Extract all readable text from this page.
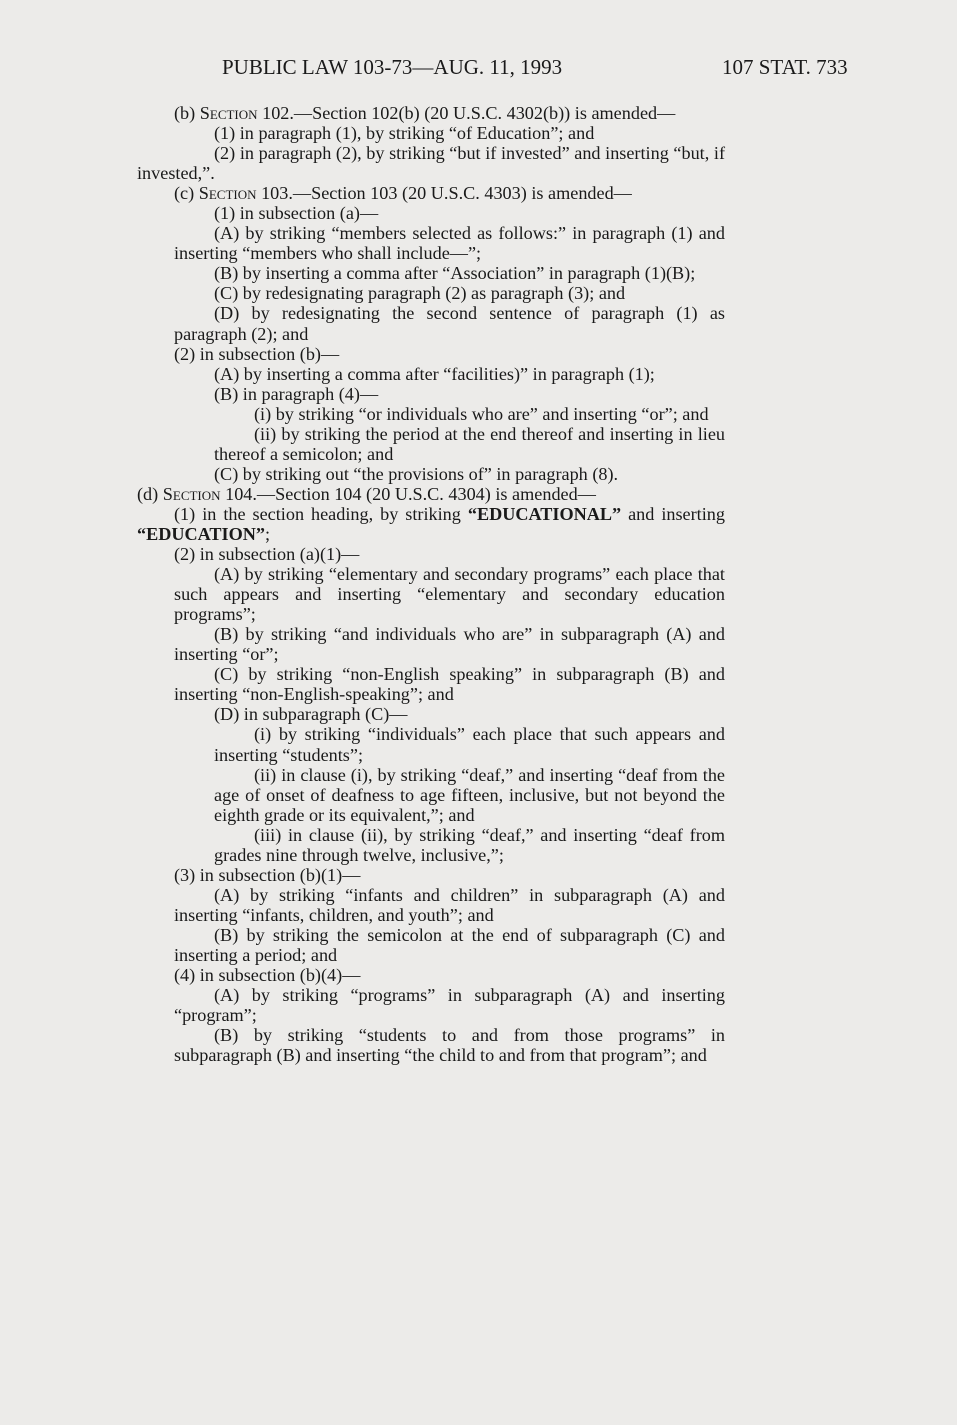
PUBLIC LAW 103-73—AUG. 11, 1993	107 STAT. 733

(b) Section 102.—Section 102(b) (20 U.S.C. 4302(b)) is amended—

(1) in paragraph (1), by striking “of Education”; and

(2) in paragraph (2), by striking “but if invested” and inserting “but, if invested,”.

(c) Section 103.—Section 103 (20 U.S.C. 4303) is amended—

(1) in subsection (a)—

(A) by striking “members selected as follows:” in paragraph (1) and inserting “members who shall include—”;

(B) by inserting a comma after “Association” in paragraph (1)(B);

(C) by redesignating paragraph (2) as paragraph (3); and

(D) by redesignating the second sentence of paragraph (1) as paragraph (2); and

(2) in subsection (b)—

(A) by inserting a comma after “facilities)” in paragraph (1);

(B) in paragraph (4)—

(i) by striking “or individuals who are” and inserting “or”; and

(ii) by striking the period at the end thereof and inserting in lieu thereof a semicolon; and

(C) by striking out “the provisions of” in paragraph (8).

(d) Section 104.—Section 104 (20 U.S.C. 4304) is amended—

(1) in the section heading, by striking “EDUCATIONAL” and inserting “EDUCATION”;

(2) in subsection (a)(1)—

(A) by striking “elementary and secondary programs” each place that such appears and inserting “elementary and secondary education programs”;

(B) by striking “and individuals who are” in subparagraph (A) and inserting “or”;

(C) by striking “non-English speaking” in subparagraph (B) and inserting “non-English-speaking”; and

(D) in subparagraph (C)—

(i) by striking “individuals” each place that such appears and inserting “students”;

(ii) in clause (i), by striking “deaf,” and inserting “deaf from the age of onset of deafness to age fifteen, inclusive, but not beyond the eighth grade or its equivalent,”; and

(iii) in clause (ii), by striking “deaf,” and inserting “deaf from grades nine through twelve, inclusive,”;

(3) in subsection (b)(1)—

(A) by striking “infants and children” in subparagraph (A) and inserting “infants, children, and youth”; and

(B) by striking the semicolon at the end of subparagraph (C) and inserting a period; and

(4) in subsection (b)(4)—

(A) by striking “programs” in subparagraph (A) and inserting “program”;

(B) by striking “students to and from those programs” in subparagraph (B) and inserting “the child to and from that program”; and
